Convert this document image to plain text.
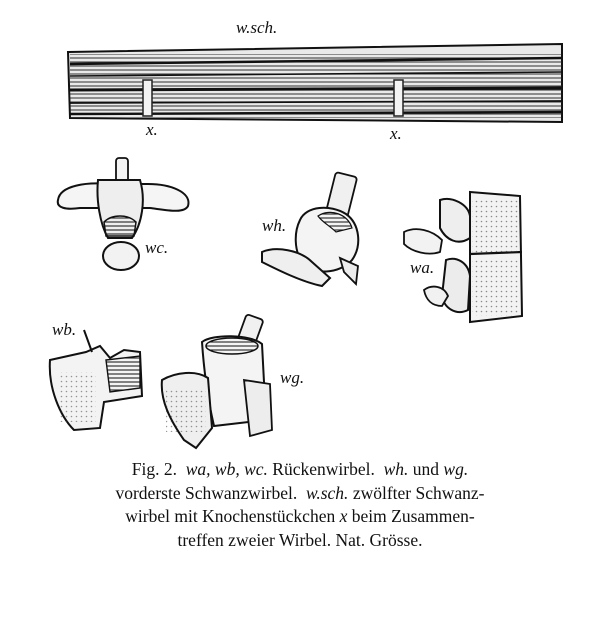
w.sch.
x.	x.
wc.
wh.
wa.
wb.
wg.
Fig. 2. wa, wb, wc. Rückenwirbel. wh. und wg.
vorderste Schwanzwirbel. w.sch. zwölfter Schwanz-
wirbel mit Knochenstückchen x beim Zusammen-
treffen zweier Wirbel. Nat. Grösse.
